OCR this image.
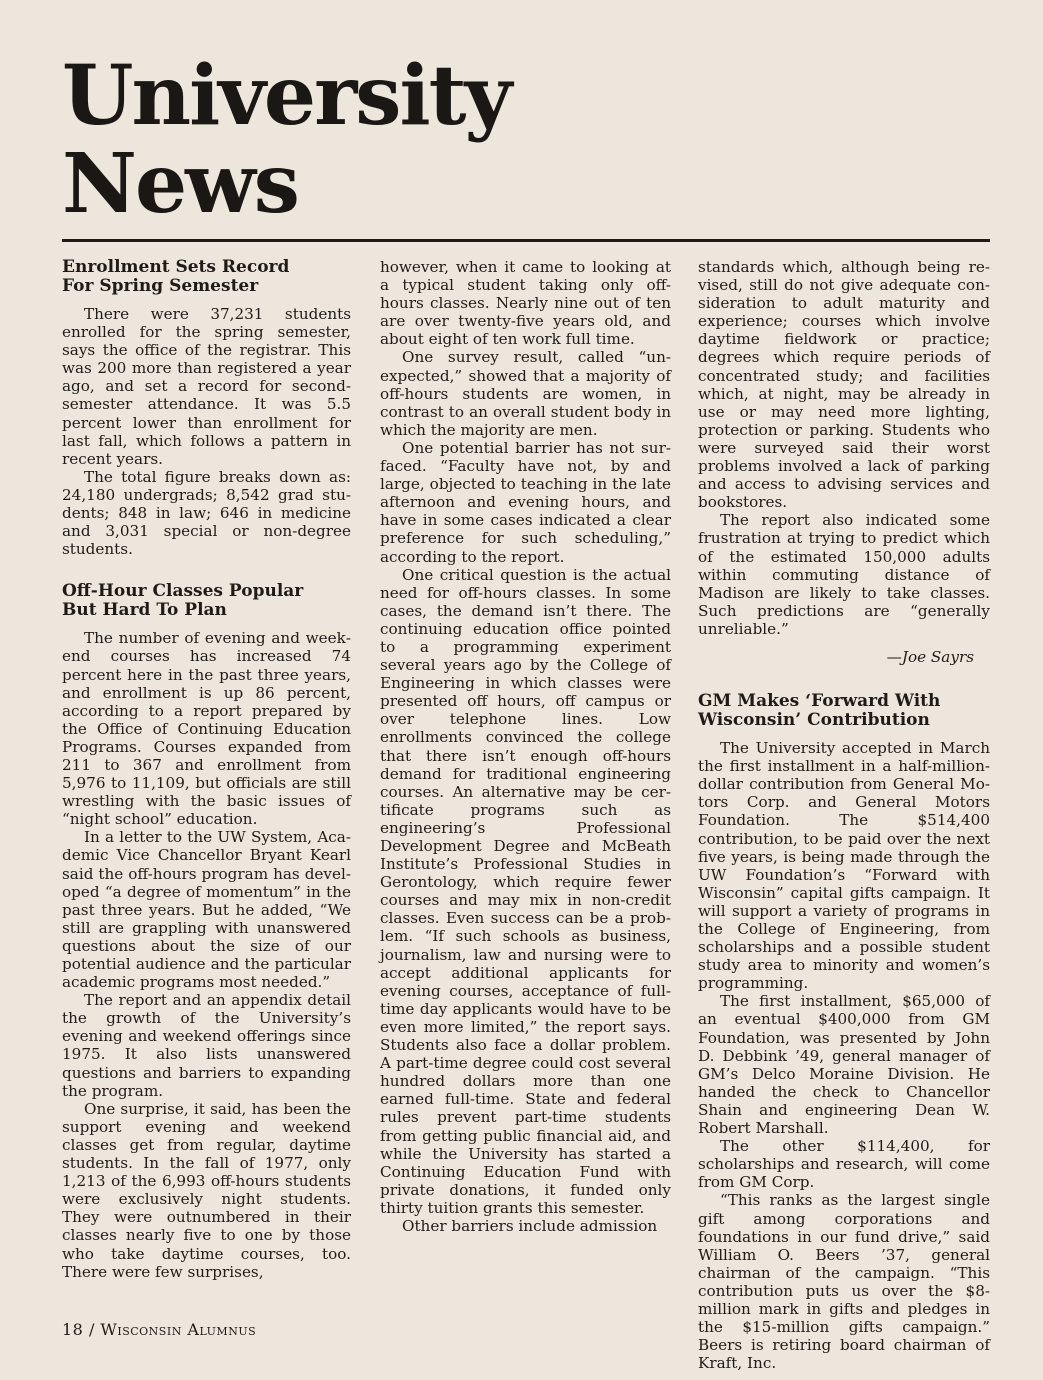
University
News
Enrollment Sets Record
For Spring Semester

There were 37,231 students enrolled for the spring semester, says the office of the registrar. This was 200 more than registered a year ago, and set a record for second-semester attendance. It was 5.5 percent lower than enrollment for last fall, which follows a pattern in recent years.

The total figure breaks down as: 24,180 undergrads; 8,542 grad students; 848 in law; 646 in medicine and 3,031 special or non-degree students.

Off-Hour Classes Popular
But Hard To Plan

The number of evening and weekend courses has increased 74 percent here in the past three years, and enrollment is up 86 percent, according to a report prepared by the Office of Continuing Education Programs. Courses expanded from 211 to 367 and enrollment from 5,976 to 11,109, but officials are still wrestling with the basic issues of “night school” education.

In a letter to the UW System, Academic Vice Chancellor Bryant Kearl said the off-hours program has developed “a degree of momentum” in the past three years. But he added, “We still are grappling with unanswered questions about the size of our potential audience and the particular academic programs most needed.”

The report and an appendix detail the growth of the University’s evening and weekend offerings since 1975. It also lists unanswered questions and barriers to expanding the program.

One surprise, it said, has been the support evening and weekend classes get from regular, daytime students. In the fall of 1977, only 1,213 of the 6,993 off-hours students were exclusively night students. They were outnumbered in their classes nearly five to one by those who take daytime courses, too. There were few surprises,

however, when it came to looking at a typical student taking only off-hours classes. Nearly nine out of ten are over twenty-five years old, and about eight of ten work full time.

One survey result, called “unexpected,” showed that a majority of off-hours students are women, in contrast to an overall student body in which the majority are men.

One potential barrier has not surfaced. “Faculty have not, by and large, objected to teaching in the late afternoon and evening hours, and have in some cases indicated a clear preference for such scheduling,” according to the report.

One critical question is the actual need for off-hours classes. In some cases, the demand isn’t there. The continuing education office pointed to a programming experiment several years ago by the College of Engineering in which classes were presented off hours, off campus or over telephone lines. Low enrollments convinced the college that there isn’t enough off-hours demand for traditional engineering courses. An alternative may be certificate programs such as engineering’s Professional Development Degree and McBeath Institute’s Professional Studies in Gerontology, which require fewer courses and may mix in non-credit classes. Even success can be a problem. “If such schools as business, journalism, law and nursing were to accept additional applicants for evening courses, acceptance of full-time day applicants would have to be even more limited,” the report says. Students also face a dollar problem. A part-time degree could cost several hundred dollars more than one earned full-time. State and federal rules prevent part-time students from getting public financial aid, and while the University has started a Continuing Education Fund with private donations, it funded only thirty tuition grants this semester.

Other barriers include admission

standards which, although being revised, still do not give adequate consideration to adult maturity and experience; courses which involve daytime fieldwork or practice; degrees which require periods of concentrated study; and facilities which, at night, may be already in use or may need more lighting, protection or parking. Students who were surveyed said their worst problems involved a lack of parking and access to advising services and bookstores.

The report also indicated some frustration at trying to predict which of the estimated 150,000 adults within commuting distance of Madison are likely to take classes. Such predictions are “generally unreliable.”

—Joe Sayrs
GM Makes ‘Forward With
Wisconsin’ Contribution

The University accepted in March the first installment in a half-million-dollar contribution from General Motors Corp. and General Motors Foundation. The $514,400 contribution, to be paid over the next five years, is being made through the UW Foundation’s “Forward with Wisconsin” capital gifts campaign. It will support a variety of programs in the College of Engineering, from scholarships and a possible student study area to minority and women’s programming.

The first installment, $65,000 of an eventual $400,000 from GM Foundation, was presented by John D. Debbink ’49, general manager of GM’s Delco Moraine Division. He handed the check to Chancellor Shain and engineering Dean W. Robert Marshall.

The other $114,400, for scholarships and research, will come from GM Corp.

“This ranks as the largest single gift among corporations and foundations in our fund drive,” said William O. Beers ’37, general chairman of the campaign. “This contribution puts us over the $8-million mark in gifts and pledges in the $15-million gifts campaign.” Beers is retiring board chairman of Kraft, Inc.

18 / Wisconsin Alumnus
